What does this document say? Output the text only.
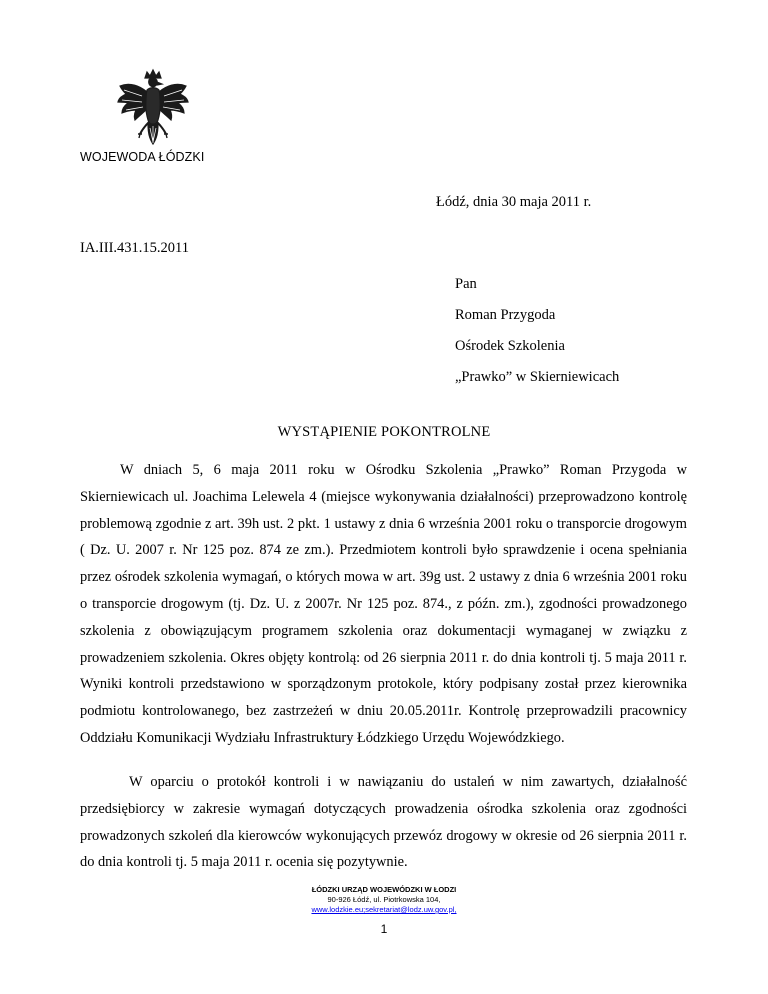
WOJEWODA ŁÓDZKI
Łódź, dnia 30 maja 2011 r.
IA.III.431.15.2011
Pan
Roman Przygoda
Ośrodek Szkolenia
„Prawko” w Skierniewicach
WYSTĄPIENIE POKONTROLNE

W dniach 5, 6 maja 2011 roku w Ośrodku Szkolenia „Prawko” Roman Przygoda w Skierniewicach ul. Joachima Lelewela 4 (miejsce wykonywania działalności) przeprowadzono kontrolę problemową zgodnie z art. 39h ust. 2 pkt. 1 ustawy z dnia 6 września 2001 roku o transporcie drogowym ( Dz. U. 2007 r. Nr 125 poz. 874 ze zm.). Przedmiotem kontroli było sprawdzenie i ocena spełniania przez ośrodek szkolenia wymagań, o których mowa w art. 39g ust. 2 ustawy z dnia 6 września 2001 roku o transporcie drogowym (tj. Dz. U. z 2007r. Nr 125 poz. 874., z późn. zm.), zgodności prowadzonego szkolenia z obowiązującym programem szkolenia oraz dokumentacji wymaganej w związku z prowadzeniem szkolenia. Okres objęty kontrolą: od 26 sierpnia 2011 r. do dnia kontroli tj. 5 maja 2011 r. Wyniki kontroli przedstawiono w sporządzonym protokole, który podpisany został przez kierownika podmiotu kontrolowanego, bez zastrzeżeń w dniu 20.05.2011r. Kontrolę przeprowadzili pracownicy Oddziału Komunikacji Wydziału Infrastruktury Łódzkiego Urzędu Wojewódzkiego.

W oparciu o protokół kontroli i w nawiązaniu do ustaleń w nim zawartych, działalność przedsiębiorcy w zakresie wymagań dotyczących prowadzenia ośrodka szkolenia oraz zgodności prowadzonych szkoleń dla kierowców wykonujących przewóz drogowy w okresie od 26 sierpnia 2011 r. do dnia kontroli tj. 5 maja 2011 r. ocenia się pozytywnie.

ŁÓDZKI URZĄD WOJEWÓDZKI W ŁODZI
90-926 Łódź, ul. Piotrkowska 104,
www.lodzkie.eu;sekretariat@lodz.uw.gov.pl,
1
